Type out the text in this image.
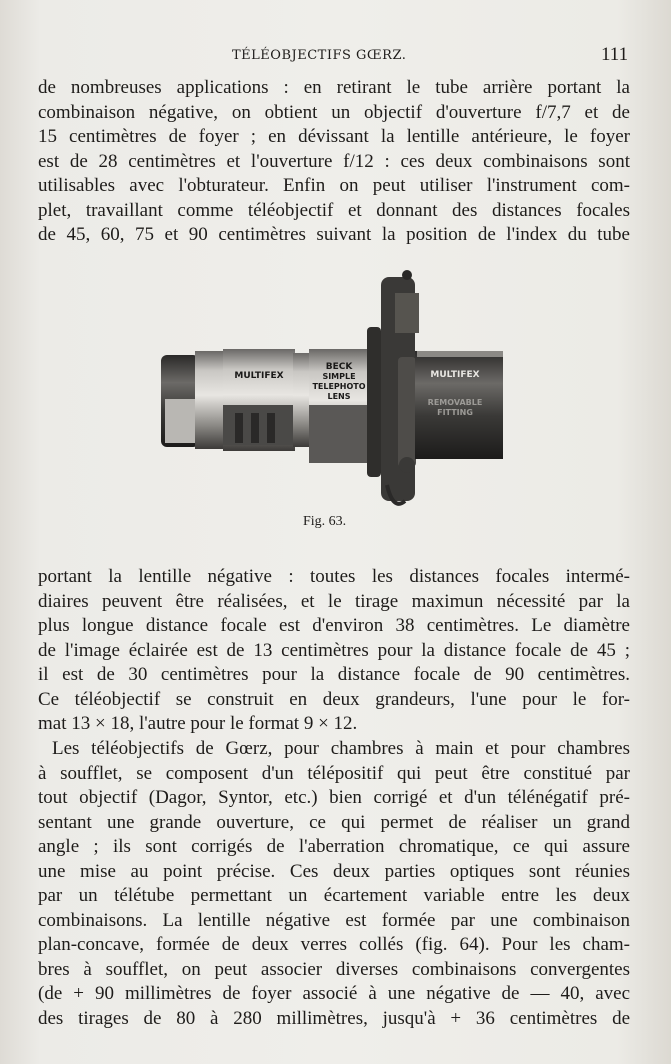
TÉLÉOBJECTIFS GŒRZ.	111
de nombreuses applications : en retirant le tube arrière portant la
combinaison négative, on obtient un objectif d'ouverture f/7,7 et de
15 centimètres de foyer ; en dévissant la lentille antérieure, le foyer
est de 28 centimètres et l'ouverture f/12 : ces deux combinaisons sont
utilisables avec l'obturateur. Enfin on peut utiliser l'instrument com-
plet, travaillant comme téléobjectif et donnant des distances focales
de 45, 60, 75 et 90 centimètres suivant la position de l'index du tube
MULTIFEX
BECK
SIMPLE
TELEPHOTO
LENS
MULTIFEX
REMOVABLE
FITTING
Fig. 63.
portant la lentille négative : toutes les distances focales intermé-
diaires peuvent être réalisées, et le tirage maximun nécessité par la
plus longue distance focale est d'environ 38 centimètres. Le diamètre
de l'image éclairée est de 13 centimètres pour la distance focale de 45 ;
il est de 30 centimètres pour la distance focale de 90 centimètres.
Ce téléobjectif se construit en deux grandeurs, l'une pour le for-
mat 13 × 18, l'autre pour le format 9 × 12.
Les téléobjectifs de Gœrz, pour chambres à main et pour chambres
à soufflet, se composent d'un télépositif qui peut être constitué par
tout objectif (Dagor, Syntor, etc.) bien corrigé et d'un télénégatif pré-
sentant une grande ouverture, ce qui permet de réaliser un grand
angle ; ils sont corrigés de l'aberration chromatique, ce qui assure
une mise au point précise. Ces deux parties optiques sont réunies
par un télétube permettant un écartement variable entre les deux
combinaisons. La lentille négative est formée par une combinaison
plan-concave, formée de deux verres collés (fig. 64). Pour les cham-
bres à soufflet, on peut associer diverses combinaisons convergentes
(de + 90 millimètres de foyer associé à une négative de — 40, avec
des tirages de 80 à 280 millimètres, jusqu'à + 36 centimètres de
